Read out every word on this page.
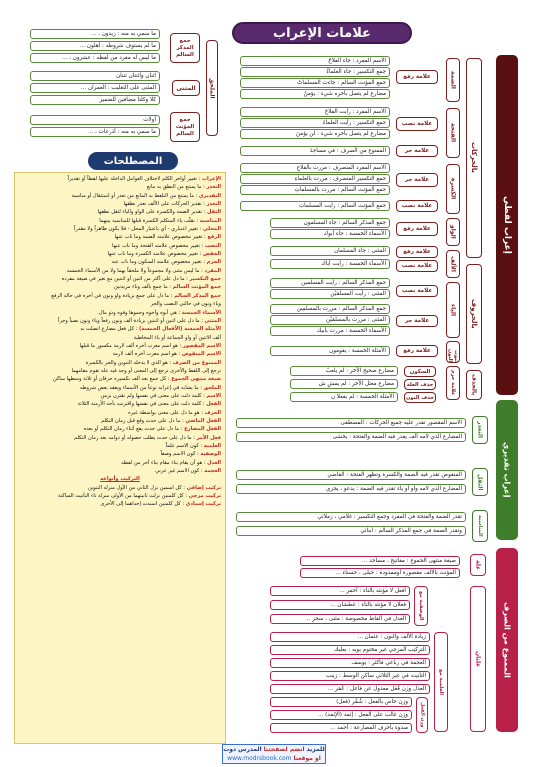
علامات الإعراب
الملحق
جمع المذكر السالم
ما سمي به منه : زيدون ، ...
ما لم يستوف شروطه : أهلون ...
ما ليس له مفرد من لفظه : عشرون ، ...
المثنى
اثنان واثنتان ثنتان
المثنى على التغليب : العمران ...
كلا وكلتا مضافين للضمير
جمع المؤنث السالم
أولات
ما سمي به منه : أذرعات ، ...
المصطلحات

الإعراب : تغيير أواخر الكلم لاختلاف العوامل الداخلة عليها لفظاً أو تقديراً

التعذر : ما يمتنع من النطق به مانع

التقديري : ما يمتنع من التلفظ به المانع من تعذر أو استثقال أو مناسبة

التعذر : تقدير الحركات على الألف تعذر نطقها

الثقل : تقدير الضمة والكسرة على الواو والياء لثقل نطقها

المناسبة : تقلّب ياء المتكلم الكسرة قبلها للمناسبة بينهما

المحلي : تغيير اعتباري - أي باعتبار المحل - فلا يكون ظاهراً ولا مقدراً

الرفع : تغيير مخصوص علامته الضمة وما ناب عنها

النصب : تغيير مخصوص علامته الفتحة وما ناب عنها

الخفض : تغيير مخصوص علامته الكسرة وما ناب عنها

الجزم : تغيير مخصوص علامته السكون وما ناب عنه

المفرد : ما ليس مثنى ولا مجموعاً ولا ملحقاً بهما ولا من الأسماء الخمسة

جمع التكسير : ما دل على أكثر من اثنين أو اثنتين مع تغير في صيغة مفرده

جمع المؤنث السالم : ما جمع بألف وتاء مزيدتين

جمع المذكر السالم : ما دل على جمع بزيادة واو ونون في أخره في حالة الرفع

وياء ونون في حالتي النصب والجر

الأسماء الخمسة : هي أبوه وأخوه وحموها وفوه وذو مال.

المثنى : ما دل على اثنين أو اثنتين بزيادة ألف ونون رفعاً وياء ونون نصباً وجراً

الأمثلة الخمسة (الأفعال الخمسة) : كل فعل مضارع اتصلت به

ألف الاثنين أو واو الجماعة أو ياء المخاطبة

الاسم المقصور : هو اسم معرب أخره ألف لازمة مكسور ما قبلها

الاسم المنقوص : هو اسم معرب أخره ألف لازمة

الممنوع من الصرف : هو الذي لا يدخله التنوين والجر بالكسرة

ترجع إلى اللفظ والأخرى ترجع إلى المعنى أو وجد فيه علة تقوم مقامهما

صيغة منتهى الجموع : كل جمع بعد ألف تكسيره حرفان أو ثلاثة وسطها ساكن

الملحق : ما يشابه في إعرابه نوعاً من الأسماء ويفقد بعض شروطه

الاسم : كلمة دلت على معنى في نفسها ولم تقترن بزمن

الفعل : كلمة دلت على معنى في نفسها واقترنت بأحد الأزمنة الثلاثة

الحرف : هو ما دل على معنى بواسطة غيره

الفعل الماضي : ما دل على حدث وقع قبل زمان التكلم

الفعل المضارع : ما دل على حدث يقع أثناء زمان التكلم أو بعده

فعل الأمر : ما دل على حدث يطلب حصوله أو دوامه بعد زمان التكلم

العلمية : كون الاسم علماً

الوصفية : كون الاسم وصفاً

العدل : هو أن يقام بناء مقام بناء أخر من لفظه

العجمة : كون الاسم غير عربي

التركيب وأنواعه

تركيب إضافي : كل اسمين نزل الثاني من الأول منزلة التنوين

تركيب مزجي : كل كلمتين نزلت ثانيتهما من الأولى منزلة تاء التأنيث الساكنة

تركيب إسنادي : كل كلمتين اسندت إحداهما إلى الأخرى

إعراب لفظي
إعراب تقديري
الممنوع من الصرف
بالحركات
بالحروف
بالحذف
الضمة
علامة رفع
الاسم المفرد : جاء الفلاحُ
جمع التكسير : جاء العلماءُ
جمع المؤنث السالم : جاءت المسلماتُ
مضارع لم يتصل بأخره شيء : يؤمنُ
الفتحة
علامة نصب
الاسم المفرد : رأيت الفلاحَ
جمع التكسير : رأيت العلماءَ
مضارع لم يتصل بأخره شيء : لن يؤمنَ
علامة جر
الممنوع من الصرف : في مساجدَ
الكسرة
علامة جر
الاسم المفرد المنصرف : مررت بالفلاحِ
جمع التكسير المنصرف : مررت بالعلماءِ
جمع المؤنث السالم : مررت بالمسلماتِ
علامة نصب
جمع المؤنث السالم : رأيت المسلماتِ
الواو
علامة رفع
جمع المذكر السالم : جاء المسلمون
الأسماء الخمسة : جاء أبوك
الألف
علامة رفع
علامة نصب
المثنى : جاء المسلمان
الأسماء الخمسة : رأيت أباك
الياء
علامة نصب
علامة جر
جمع المذكر السالم : رأيت المسلمين
المثنى : رأيت المسلمَيْن
جمع المذكر السالم : مررت بالمسلمِين
المثنى : مررت بالمسلمَيْن
الأسماء الخمسة : مررت بأبيك
ثبوت النون
علامة رفع
الأمثلة الخمسة : يقومون
السكون	علامة جزم
حذف العلة
حذف النون
مضارع صحيح الآخر : لم يلعبْ
مضارع معتل الآخر : لم يمشِ ش
الأمثلة الخمسة : لم يفعلا ن
التعذر
الثقل
المناسبة
الاسم المقصور تقدر عليه جميع الحركات : المصطفى
المضارع الذي لامه ألف يقدر فيه الضمة والفتحة : يخشى
المنقوص تقدر فيه الضمة والكسرة وتظهر الفتحة : القاضي
المضارع الذي لامه واو أو ياء تقدر فيه الضمة : يدعو ، يجري
تقدر الضمة والفتحة في المفرد وجمع التكسير : غلامي ، زملائي
وتقدر الضمة في جمع المذكر السالم : أبنائي
علة
صيغة منتهى الجموع : مفاتيح ، مساجد ...
المؤنث بالألف مقصورة أوممدودة : حبلى ، حسناء ...
علتان
الوصفية مع
أفعل لا مؤنثه بالتاء : أحمر ...
فعلان لا مؤنثه بالتاء : عطشان ...
العدل في ألفاظ مخصوصة : مثنى ، سحر ...
العلمية مع
زيادة الألف والنون : عثمان ...
التركيب المزجي غير مختوم بويه : بعلبك
العجمة في رباعي فأكثر : يوسف
التأنيث في غير الثلاثي ساكن الوسط : زينب
العدل وزن فُعَل معدول عن فاعل : عُمَر ...
وزن الفعل
وزن خاص بالفعل : شُمَّر (فعل)
وزن غالب على الفعل : إثمد (الإثمد) ...
مبدوء بأحرف المضارعة : أحمد ...
للمزيد انضم لصفحتنا المدرس دوت
او موقعنا www.modrsbook.com
